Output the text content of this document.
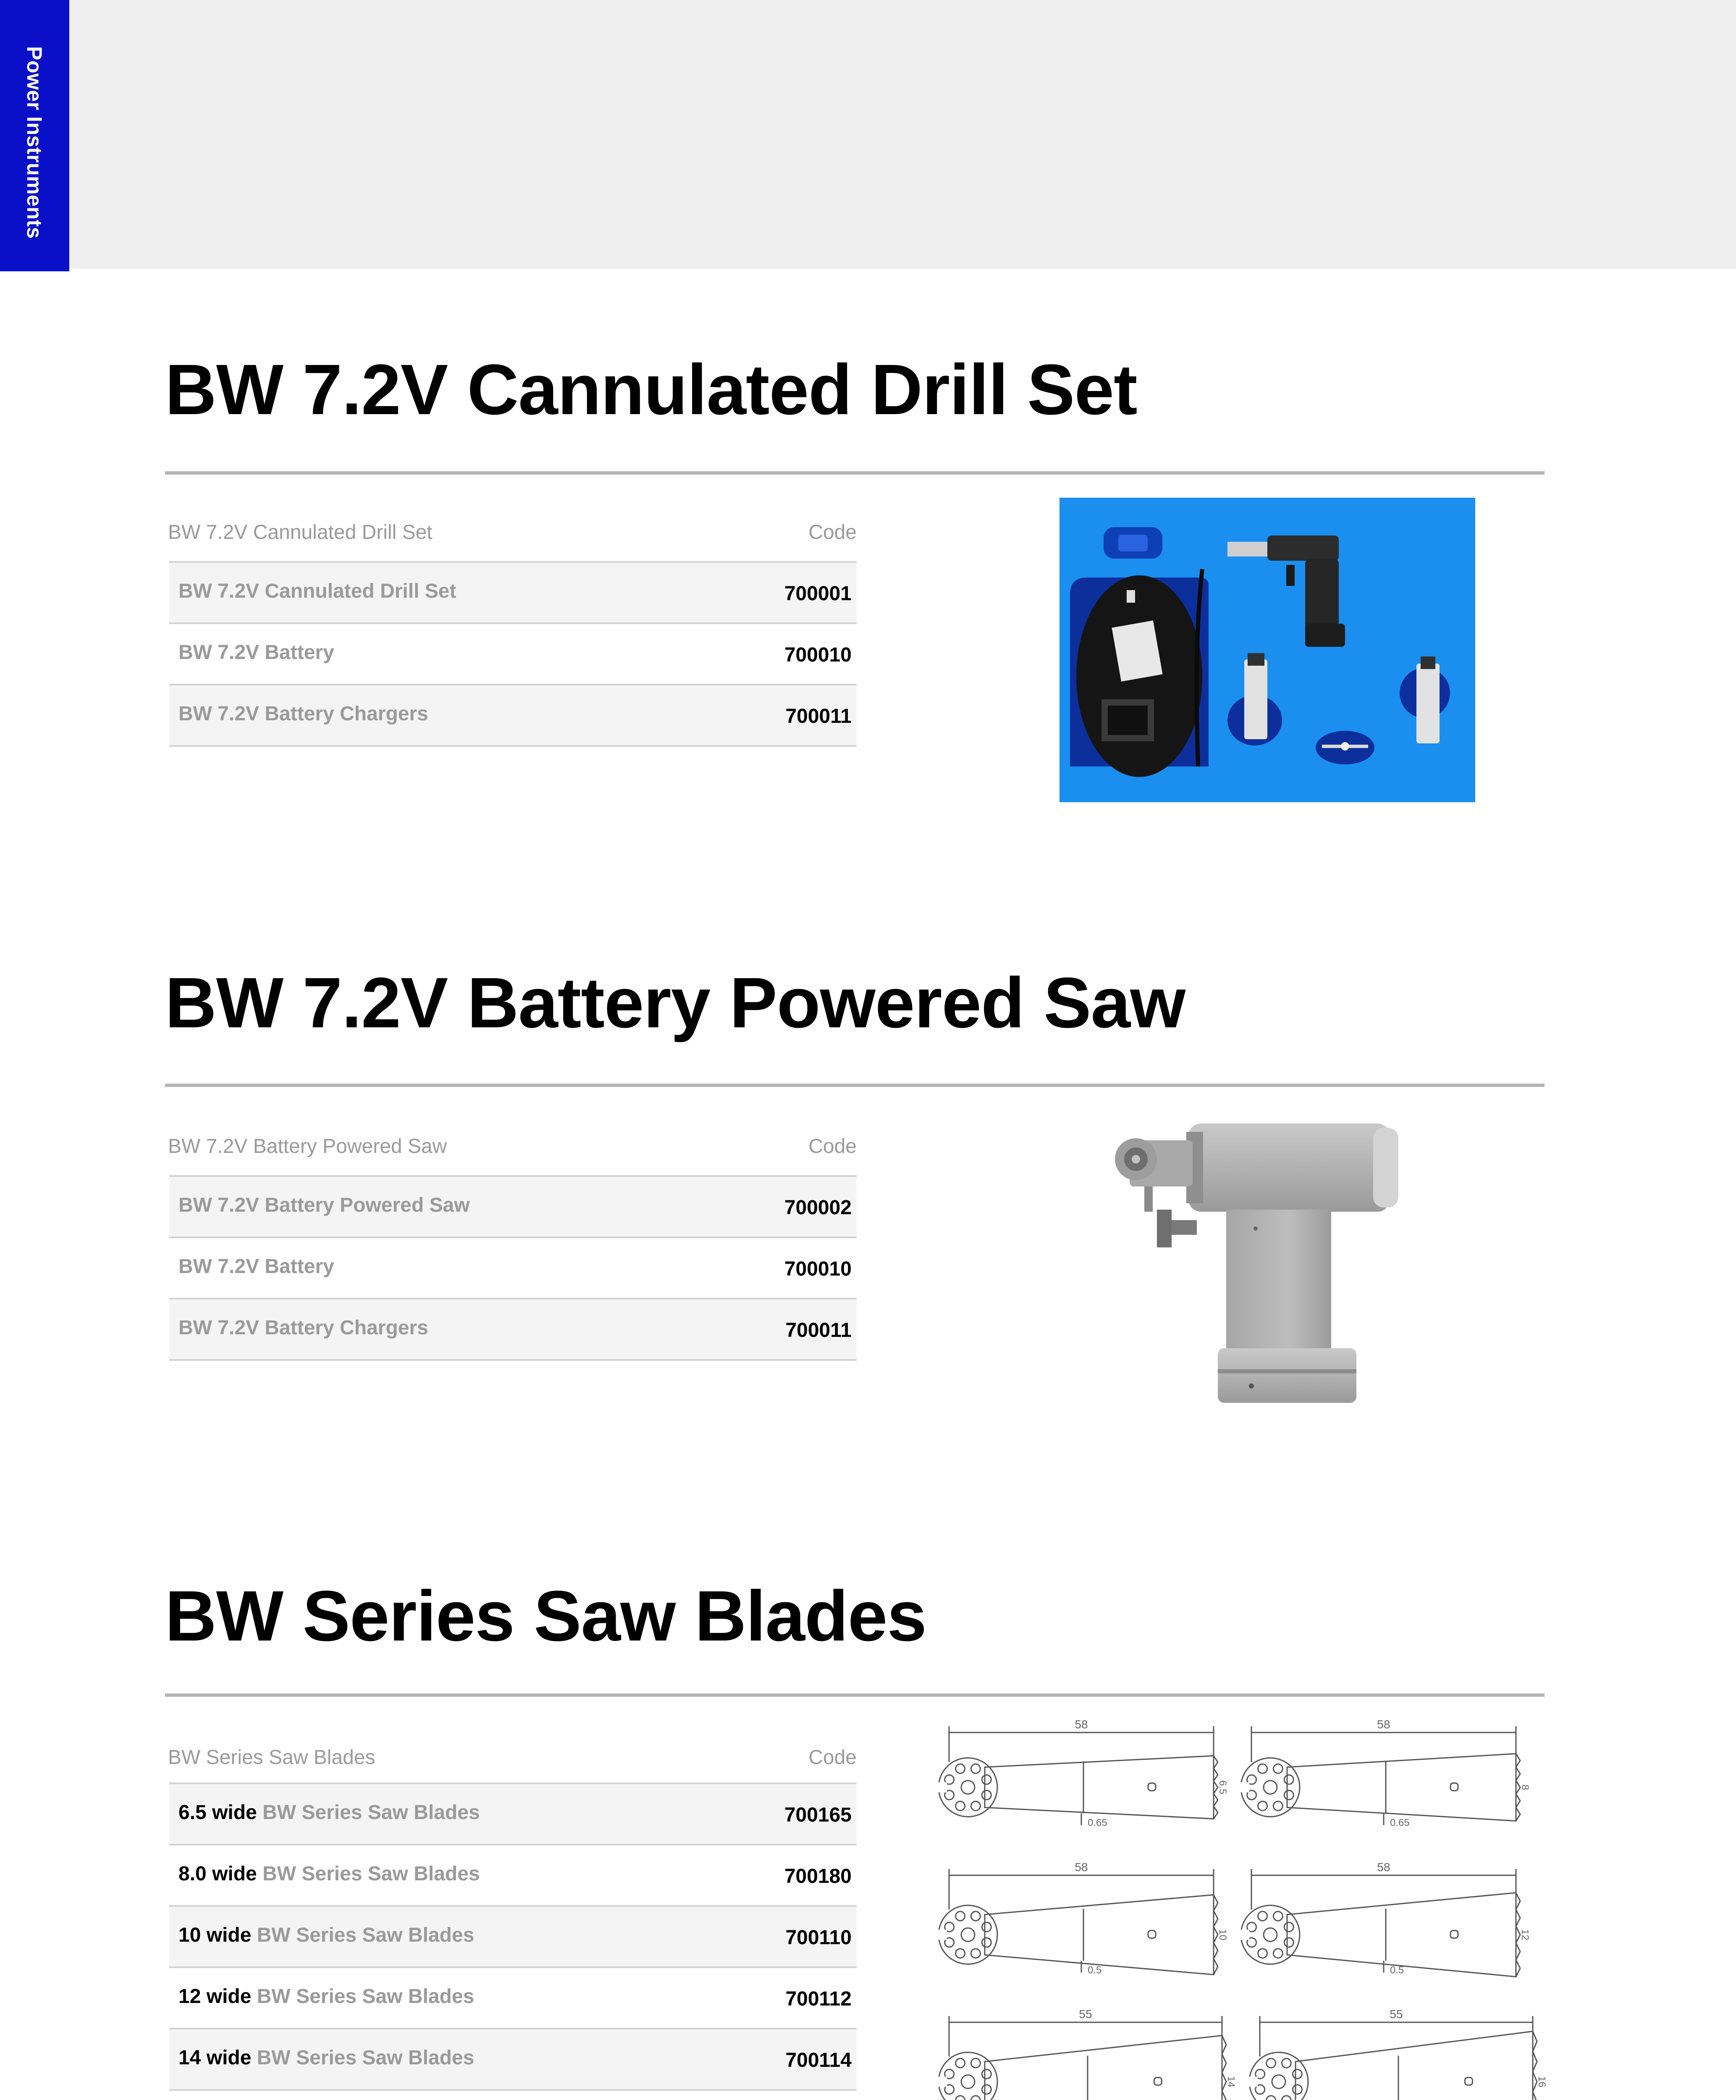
Power Instruments
BW 7.2V Cannulated Drill Set
BW 7.2V Cannulated Drill Set	Code
BW 7.2V Cannulated Drill Set	700001
BW 7.2V Battery	700010
BW 7.2V Battery Chargers	700011
BW 7.2V Battery Powered Saw
BW 7.2V Battery Powered Saw	Code
BW 7.2V Battery Powered Saw	700002
BW 7.2V Battery	700010
BW 7.2V Battery Chargers	700011
BW Series Saw Blades
BW Series Saw Blades	Code
6.5 wide BW Series Saw Blades	700165
8.0 wide BW Series Saw Blades	700180
10 wide BW Series Saw Blades	700110
12 wide BW Series Saw Blades	700112
14 wide BW Series Saw Blades	700114
58
0.65
6.5
58
0.65
8
58
0.5
10
58
0.5
12
55
14
55
16
